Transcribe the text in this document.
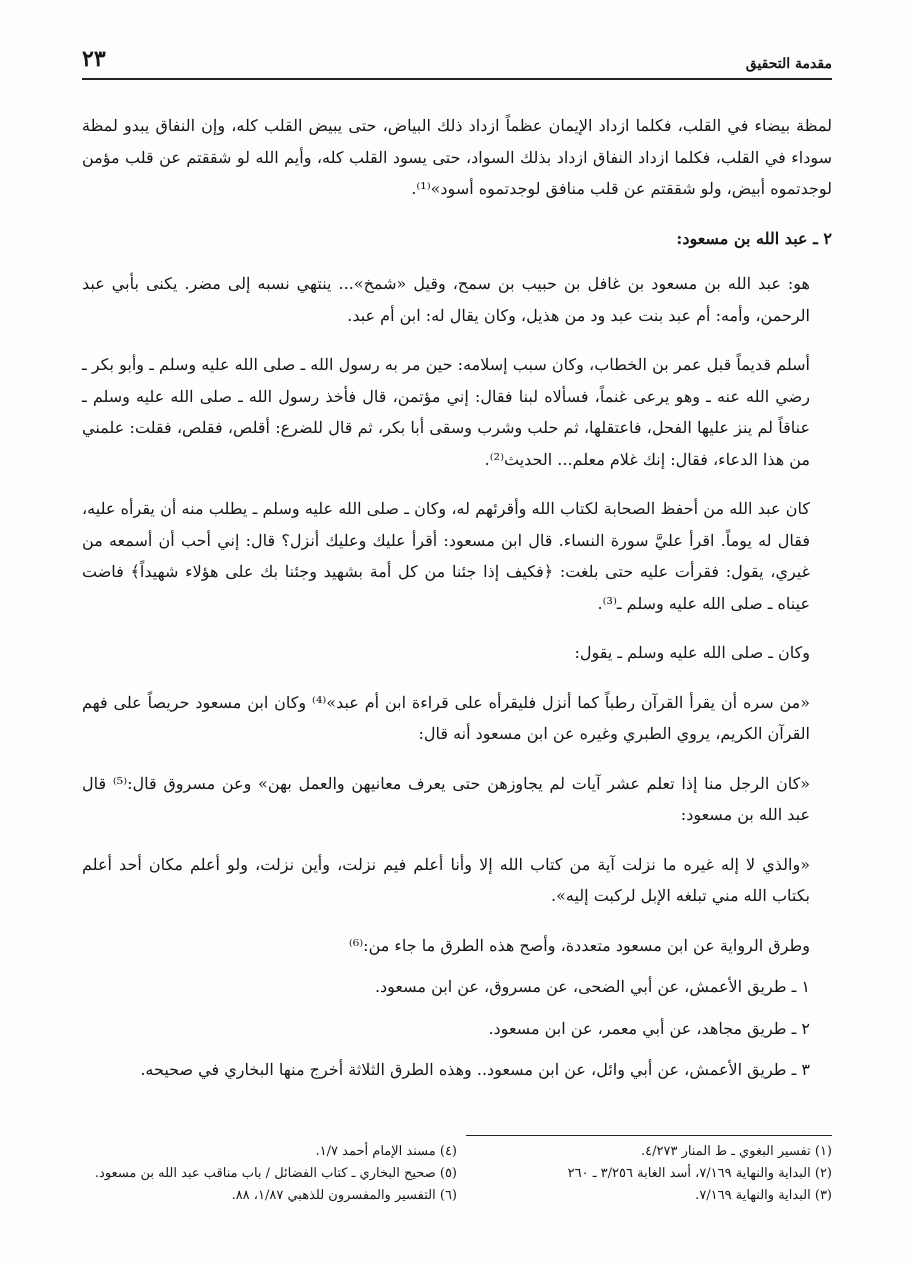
مقدمة التحقيق
٢٣

لمظة بيضاء في القلب، فكلما ازداد الإيمان عظماً ازداد ذلك البياض، حتى يبيض القلب كله، وإن النفاق يبدو لمظة سوداء في القلب، فكلما ازداد النفاق ازداد بذلك السواد، حتى يسود القلب كله، وأيم الله لو شققتم عن قلب مؤمن لوجدتموه أبيض، ولو شققتم عن قلب منافق لوجدتموه أسود»⁽¹⁾.

٢ ـ عبد الله بن مسعود:

هو: عبد الله بن مسعود بن غافل بن حبيب بن سمح، وقيل «شمخ»... ينتهي نسبه إلى مضر. يكنى بأبي عبد الرحمن، وأمه: أم عبد بنت عبد ود من هذيل، وكان يقال له: ابن أم عبد.

أسلم قديماً قبل عمر بن الخطاب، وكان سبب إسلامه: حين مر به رسول الله ـ صلى الله عليه وسلم ـ وأبو بكر ـ رضي الله عنه ـ وهو يرعى غنماً، فسألاه لبنا فقال: إني مؤتمن، قال فأخذ رسول الله ـ صلى الله عليه وسلم ـ عناقاً لم ينز عليها الفحل، فاعتقلها، ثم حلب وشرب وسقى أبا بكر، ثم قال للضرع: أقلص، فقلص، فقلت: علمني من هذا الدعاء، فقال: إنك غلام معلم... الحديث⁽²⁾.

كان عبد الله من أحفظ الصحابة لكتاب الله وأقرئهم له، وكان ـ صلى الله عليه وسلم ـ يطلب منه أن يقرأه عليه، فقال له يوماً. اقرأ عليَّ سورة النساء. قال ابن مسعود: أقرأ عليك وعليك أنزل؟ قال: إني أحب أن أسمعه من غيري، يقول: فقرأت عليه حتى بلغت: ﴿فكيف إذا جئنا من كل أمة بشهيد وجئنا بك على هؤلاء شهيداً﴾ فاضت عيناه ـ صلى الله عليه وسلم ـ⁽³⁾.

وكان ـ صلى الله عليه وسلم ـ يقول:

«من سره أن يقرأ القرآن رطباً كما أنزل فليقرأه على قراءة ابن أم عبد»⁽⁴⁾ وكان ابن مسعود حريصاً على فهم القرآن الكريم، يروي الطبري وغيره عن ابن مسعود أنه قال:

«كان الرجل منا إذا تعلم عشر آيات لم يجاوزهن حتى يعرف معانيهن والعمل بهن» وعن مسروق قال:⁽⁵⁾ قال عبد الله بن مسعود:

«والذي لا إله غيره ما نزلت آية من كتاب الله إلا وأنا أعلم فيم نزلت، وأين نزلت، ولو أعلم مكان أحد أعلم بكتاب الله مني تبلغه الإبل لركبت إليه».

وطرق الرواية عن ابن مسعود متعددة، وأصح هذه الطرق ما جاء من:⁽⁶⁾

١ ـ طريق الأعمش، عن أبي الضحى، عن مسروق، عن ابن مسعود.

٢ ـ طريق مجاهد، عن أبي معمر، عن ابن مسعود.

٣ ـ طريق الأعمش، عن أبي وائل، عن ابن مسعود.. وهذه الطرق الثلاثة أخرج منها البخاري في صحيحه.

(١) تفسير البغوي ـ ط المنار ٤/٢٧٣.
(٢) البداية والنهاية ٧/١٦٩، أسد الغابة ٣/٢٥٦ ـ ٢٦٠
(٣) البداية والنهاية ٧/١٦٩.
(٤) مسند الإمام أحمد ١/٧.
(٥) صحيح البخاري ـ كتاب الفضائل / باب مناقب عبد الله بن مسعود.
(٦) التفسير والمفسرون للذهبي ١/٨٧، ٨٨.
